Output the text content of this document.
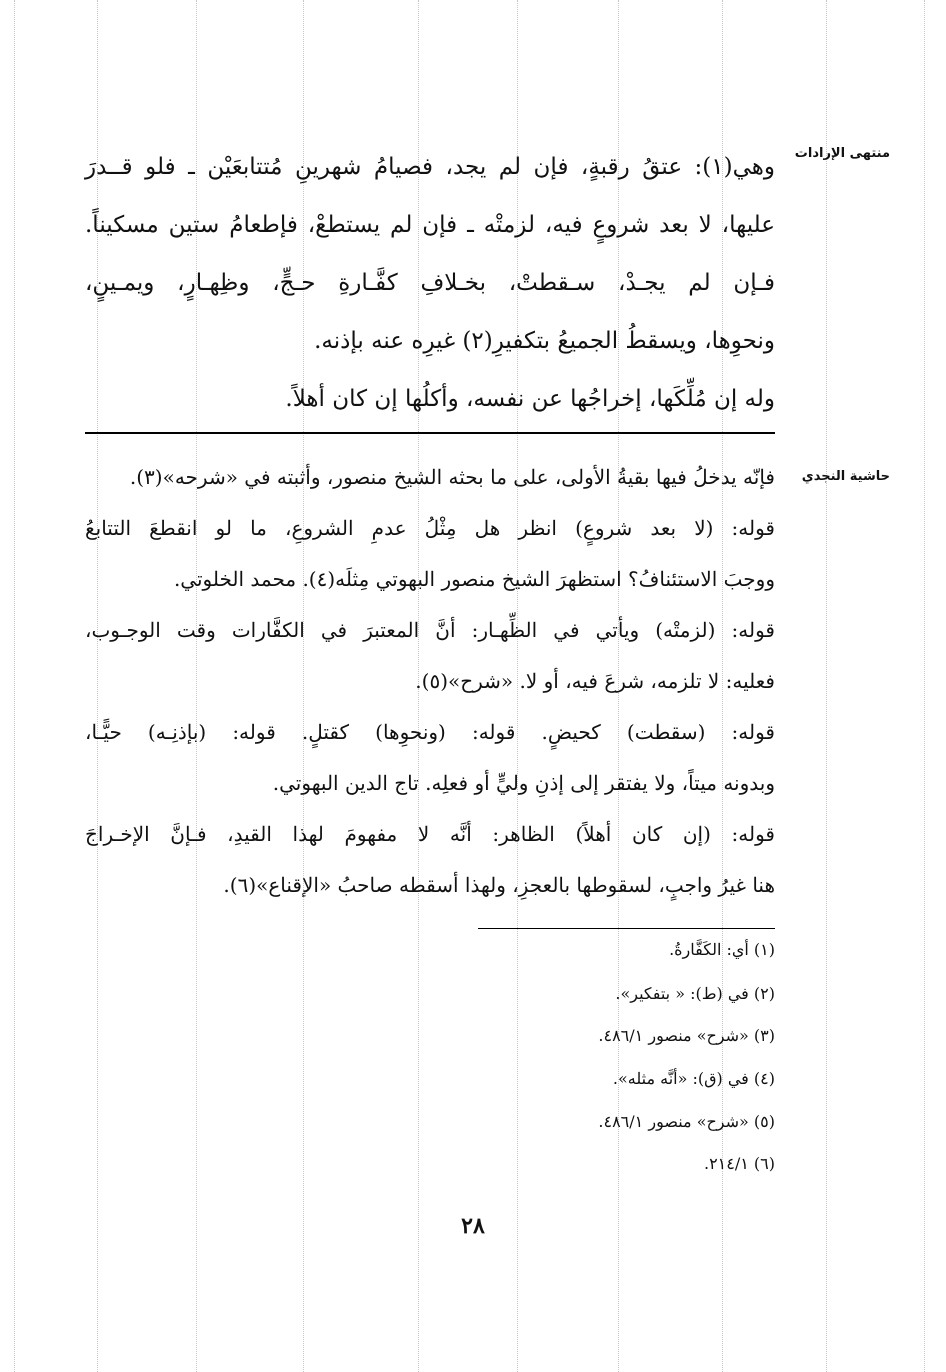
منتهى الإرادات
حاشية النجدي
وهي(١): عتقُ رقبةٍ، فإن لم يجد، فصيامُ شهرينِ مُتتابعَيْن ـ فلو قــدرَ
عليها، لا بعد شروعٍ فيه، لزمتْه ـ فإن لم يستطعْ، فإطعامُ ستين مسكيناً.
فـإن لم يجـدْ، سـقطتْ، بخـلافِ كفَّـارةِ حـجٍّ، وظِهـارٍ، ويمـينٍ،
ونحوِها، ويسقطُ الجميعُ بتكفيرِ(٢) غيرِه عنه بإذنه.
وله إن مُلِّكَها، إخراجُها عن نفسه، وأكلُها إن كان أهلاً.
فإنّه يدخلُ فيها بقيةُ الأولى، على ما بحثه الشيخ منصور، وأثبته في «شرحه»(٣).
قوله: (لا بعد شروعٍ) انظر هل مِثْلُ عدمِ الشروعِ، ما لو انقطعَ التتابعُ
ووجبَ الاستئنافُ؟ استظهرَ الشيخ منصور البهوتي مِثلَه(٤). محمد الخلوتي.
قوله: (لزمتْه) ويأتي في الظِّهـار: أنَّ المعتبرَ في الكفَّارات وقت الوجـوب،
فعليه: لا تلزمه، شرعَ فيه، أو لا. «شرح»(٥).
قوله: (سقطت) كحيضٍ. قوله: (ونحوِها) كقتلٍ. قوله: (بإذنِـه) حيًّـا،
وبدونه ميتاً، ولا يفتقر إلى إذنِ وليٍّ أو فعلِه. تاج الدين البهوتي.
قوله: (إن كان أهلاً) الظاهر: أنَّه لا مفهومَ لهذا القيدِ، فـإنَّ الإخـراجَ
هنا غيرُ واجبٍ، لسقوطها بالعجزِ، ولهذا أسقطه صاحبُ «الإقناع»(٦).
(١) أي: الكَفَّارةُ.
(٢) في (ط): « بتفكير».
(٣) «شرح» منصور ٤٨٦/١.
(٤) في (ق): «أنَّه مثله».
(٥) «شرح» منصور ٤٨٦/١.
(٦) ٢١٤/١.
٢٨
